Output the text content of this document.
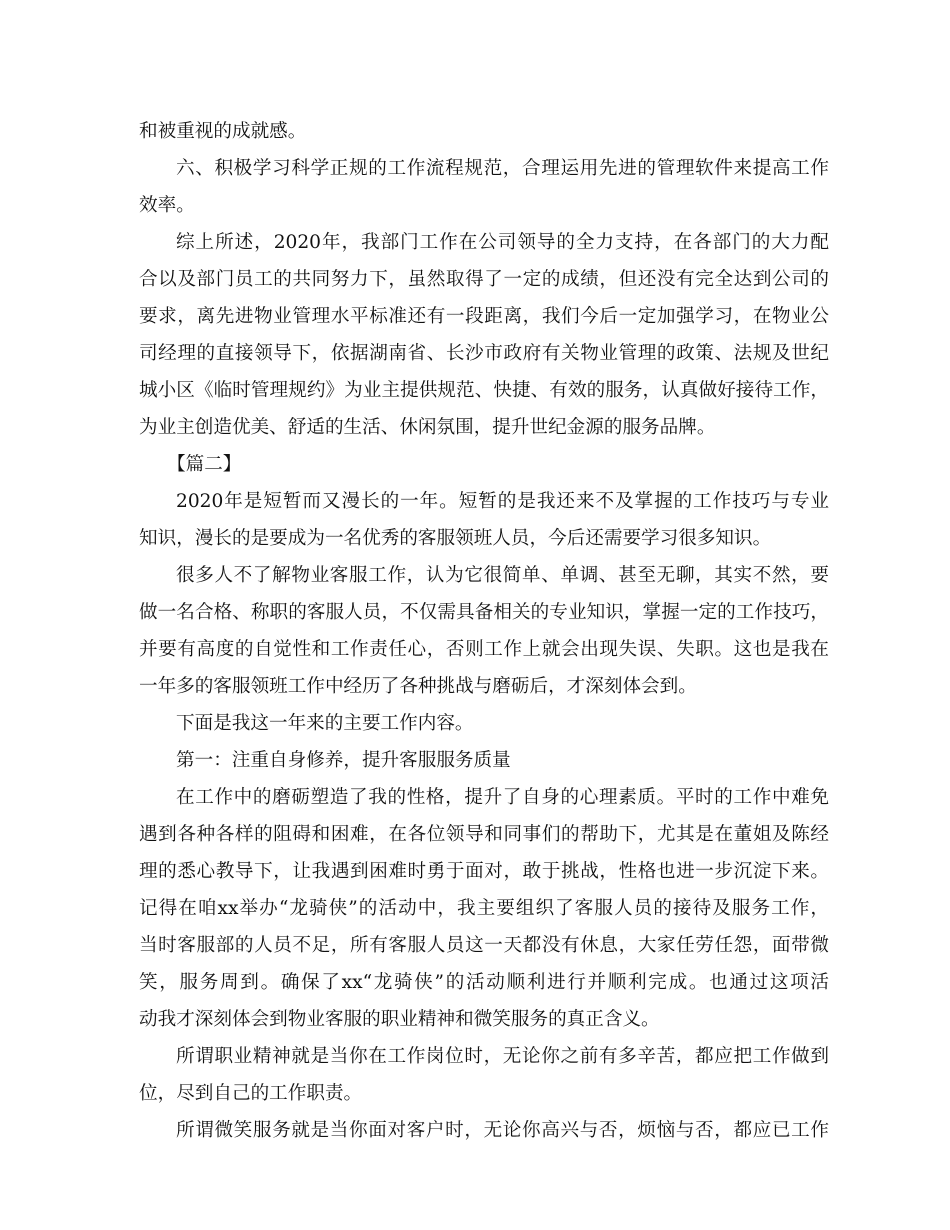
和被重视的成就感。
六、积极学习科学正规的工作流程规范，合理运用先进的管理软件来提高工作
效率。
综上所述，2020年，我部门工作在公司领导的全力支持，在各部门的大力配
合以及部门员工的共同努力下，虽然取得了一定的成绩，但还没有完全达到公司的
要求，离先进物业管理水平标准还有一段距离，我们今后一定加强学习，在物业公
司经理的直接领导下，依据湖南省、长沙市政府有关物业管理的政策、法规及世纪
城小区《临时管理规约》为业主提供规范、快捷、有效的服务，认真做好接待工作，
为业主创造优美、舒适的生活、休闲氛围，提升世纪金源的服务品牌。
【篇二】
2020年是短暂而又漫长的一年。短暂的是我还来不及掌握的工作技巧与专业
知识，漫长的是要成为一名优秀的客服领班人员，今后还需要学习很多知识。
很多人不了解物业客服工作，认为它很简单、单调、甚至无聊，其实不然，要
做一名合格、称职的客服人员，不仅需具备相关的专业知识，掌握一定的工作技巧，
并要有高度的自觉性和工作责任心，否则工作上就会出现失误、失职。这也是我在
一年多的客服领班工作中经历了各种挑战与磨砺后，才深刻体会到。
下面是我这一年来的主要工作内容。
第一：注重自身修养，提升客服服务质量
在工作中的磨砺塑造了我的性格，提升了自身的心理素质。平时的工作中难免
遇到各种各样的阻碍和困难，在各位领导和同事们的帮助下，尤其是在董姐及陈经
理的悉心教导下，让我遇到困难时勇于面对，敢于挑战，性格也进一步沉淀下来。
记得在咱xx举办“龙骑侠”的活动中，我主要组织了客服人员的接待及服务工作，
当时客服部的人员不足，所有客服人员这一天都没有休息，大家任劳任怨，面带微
笑，服务周到。确保了xx“龙骑侠”的活动顺利进行并顺利完成。也通过这项活
动我才深刻体会到物业客服的职业精神和微笑服务的真正含义。
所谓职业精神就是当你在工作岗位时，无论你之前有多辛苦，都应把工作做到
位，尽到自己的工作职责。
所谓微笑服务就是当你面对客户时，无论你高兴与否，烦恼与否，都应已工作
